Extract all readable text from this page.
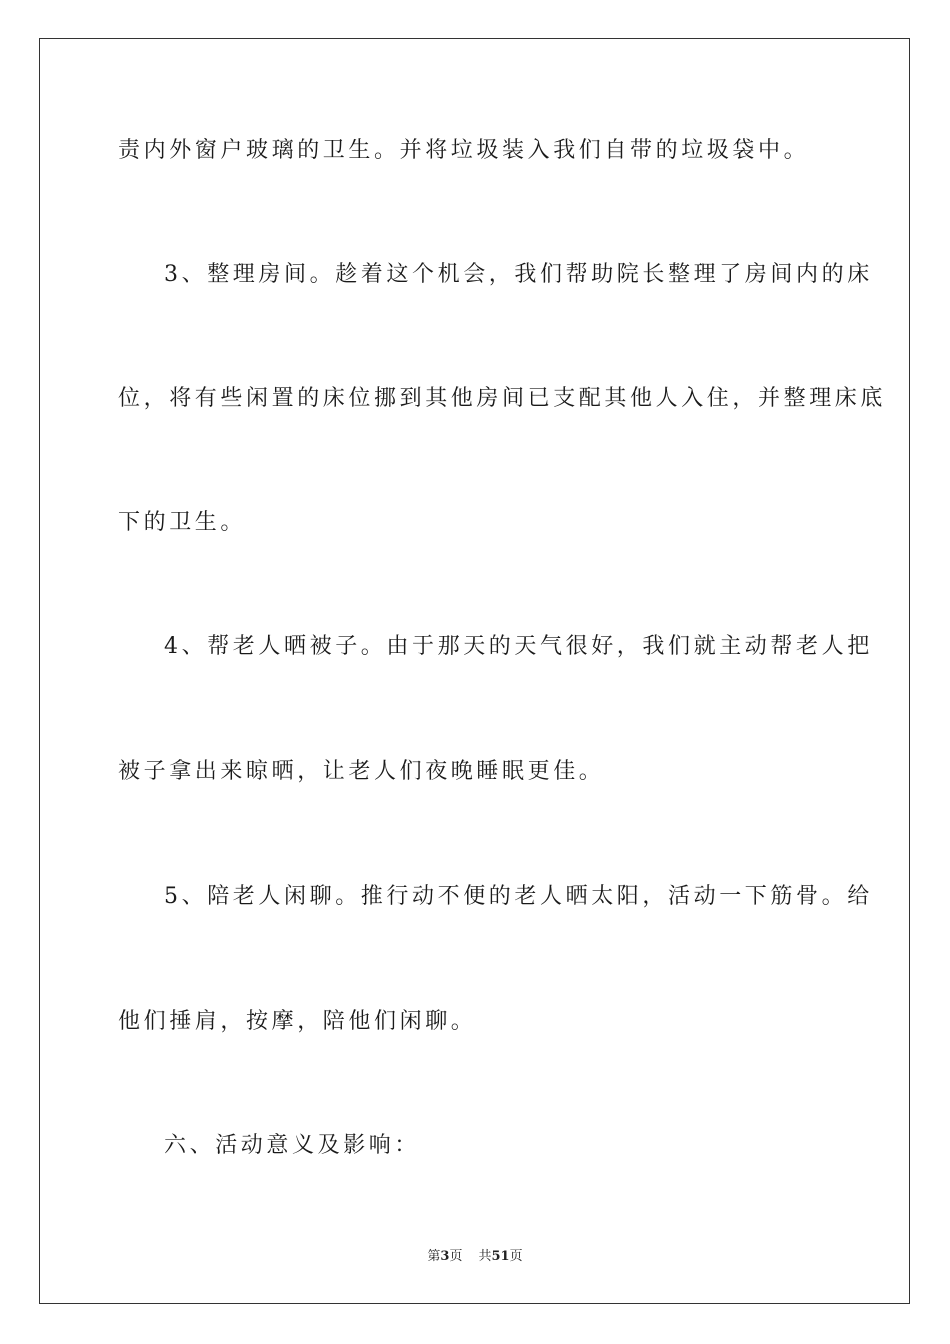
责内外窗户玻璃的卫生。并将垃圾装入我们自带的垃圾袋中。
3、整理房间。趁着这个机会，我们帮助院长整理了房间内的床
位，将有些闲置的床位挪到其他房间已支配其他人入住，并整理床底
下的卫生。
4、帮老人晒被子。由于那天的天气很好，我们就主动帮老人把
被子拿出来晾晒，让老人们夜晚睡眠更佳。
5、陪老人闲聊。推行动不便的老人晒太阳，活动一下筋骨。给
他们捶肩，按摩，陪他们闲聊。
六、活动意义及影响：
第3页 共51页
